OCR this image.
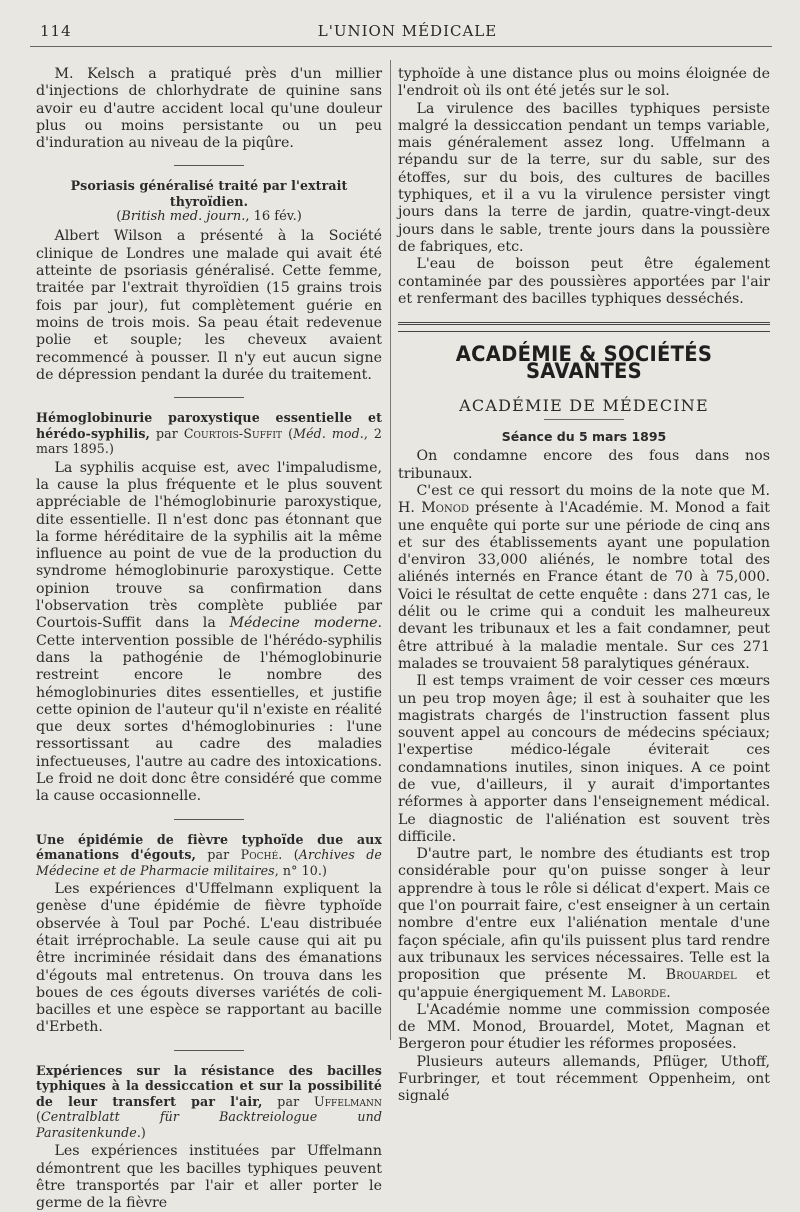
114	L'UNION MÉDICALE

M. Kelsch a pratiqué près d'un millier d'injections de chlorhydrate de quinine sans avoir eu d'autre accident local qu'une douleur plus ou moins persistante ou un peu d'induration au niveau de la piqûre.

Psoriasis généralisé traité par l'extrait thyroïdien.
(British med. journ., 16 fév.)

Albert Wilson a présenté à la Société clinique de Londres une malade qui avait été atteinte de psoriasis généralisé. Cette femme, traitée par l'extrait thyroïdien (15 grains trois fois par jour), fut complètement guérie en moins de trois mois. Sa peau était redevenue polie et souple; les cheveux avaient recommencé à pousser. Il n'y eut aucun signe de dépression pendant la durée du traitement.

Hémoglobinurie paroxystique essentielle et hérédo-syphilis, par Courtois-Suffit (Méd. mod., 2 mars 1895.)

La syphilis acquise est, avec l'impaludisme, la cause la plus fréquente et le plus souvent appréciable de l'hémoglobinurie paroxystique, dite essentielle. Il n'est donc pas étonnant que la forme héréditaire de la syphilis ait la même influence au point de vue de la production du syndrome hémoglobinurie paroxystique. Cette opinion trouve sa confirmation dans l'observation très complète publiée par Courtois-Suffit dans la Médecine moderne. Cette intervention possible de l'hérédo-syphilis dans la pathogénie de l'hémoglobinurie restreint encore le nombre des hémoglobinuries dites essentielles, et justifie cette opinion de l'auteur qu'il n'existe en réalité que deux sortes d'hémoglobinuries : l'une ressortissant au cadre des maladies infectueuses, l'autre au cadre des intoxications. Le froid ne doit donc être considéré que comme la cause occasionnelle.

Une épidémie de fièvre typhoïde due aux émanations d'égouts, par Poché. (Archives de Médecine et de Pharmacie militaires, n° 10.)

Les expériences d'Uffelmann expliquent la genèse d'une épidémie de fièvre typhoïde observée à Toul par Poché. L'eau distribuée était irréprochable. La seule cause qui ait pu être incriminée résidait dans des émanations d'égouts mal entretenus. On trouva dans les boues de ces égouts diverses variétés de coli-bacilles et une espèce se rapportant au bacille d'Erbeth.

Expériences sur la résistance des bacilles typhiques à la dessiccation et sur la possibilité de leur transfert par l'air, par Uffelmann (Centralblatt für Backtreiologue und Parasitenkunde.)

Les expériences instituées par Uffelmann démontrent que les bacilles typhiques peuvent être transportés par l'air et aller porter le germe de la fièvre

typhoïde à une distance plus ou moins éloignée de l'endroit où ils ont été jetés sur le sol.

La virulence des bacilles typhiques persiste malgré la dessiccation pendant un temps variable, mais généralement assez long. Uffelmann a répandu sur de la terre, sur du sable, sur des étoffes, sur du bois, des cultures de bacilles typhiques, et il a vu la virulence persister vingt jours dans la terre de jardin, quatre-vingt-deux jours dans le sable, trente jours dans la poussière de fabriques, etc.

L'eau de boisson peut être également contaminée par des poussières apportées par l'air et renfermant des bacilles typhiques desséchés.

ACADÉMIE & SOCIÉTÉS SAVANTES
ACADÉMIE DE MÉDECINE
Séance du 5 mars 1895

On condamne encore des fous dans nos tribunaux.

C'est ce qui ressort du moins de la note que M. H. Monod présente à l'Académie. M. Monod a fait une enquête qui porte sur une période de cinq ans et sur des établissements ayant une population d'environ 33,000 aliénés, le nombre total des aliénés internés en France étant de 70 à 75,000. Voici le résultat de cette enquête : dans 271 cas, le délit ou le crime qui a conduit les malheureux devant les tribunaux et les a fait condamner, peut être attribué à la maladie mentale. Sur ces 271 malades se trouvaient 58 paralytiques généraux.

Il est temps vraiment de voir cesser ces mœurs un peu trop moyen âge; il est à souhaiter que les magistrats chargés de l'instruction fassent plus souvent appel au concours de médecins spéciaux; l'expertise médico-légale éviterait ces condamnations inutiles, sinon iniques. A ce point de vue, d'ailleurs, il y aurait d'importantes réformes à apporter dans l'enseignement médical. Le diagnostic de l'aliénation est souvent très difficile.

D'autre part, le nombre des étudiants est trop considérable pour qu'on puisse songer à leur apprendre à tous le rôle si délicat d'expert. Mais ce que l'on pourrait faire, c'est enseigner à un certain nombre d'entre eux l'aliénation mentale d'une façon spéciale, afin qu'ils puissent plus tard rendre aux tribunaux les services nécessaires. Telle est la proposition que présente M. Brouardel et qu'appuie énergiquement M. Laborde.

L'Académie nomme une commission composée de MM. Monod, Brouardel, Motet, Magnan et Bergeron pour étudier les réformes proposées.

Plusieurs auteurs allemands, Pflüger, Uthoff, Furbringer, et tout récemment Oppenheim, ont signalé
